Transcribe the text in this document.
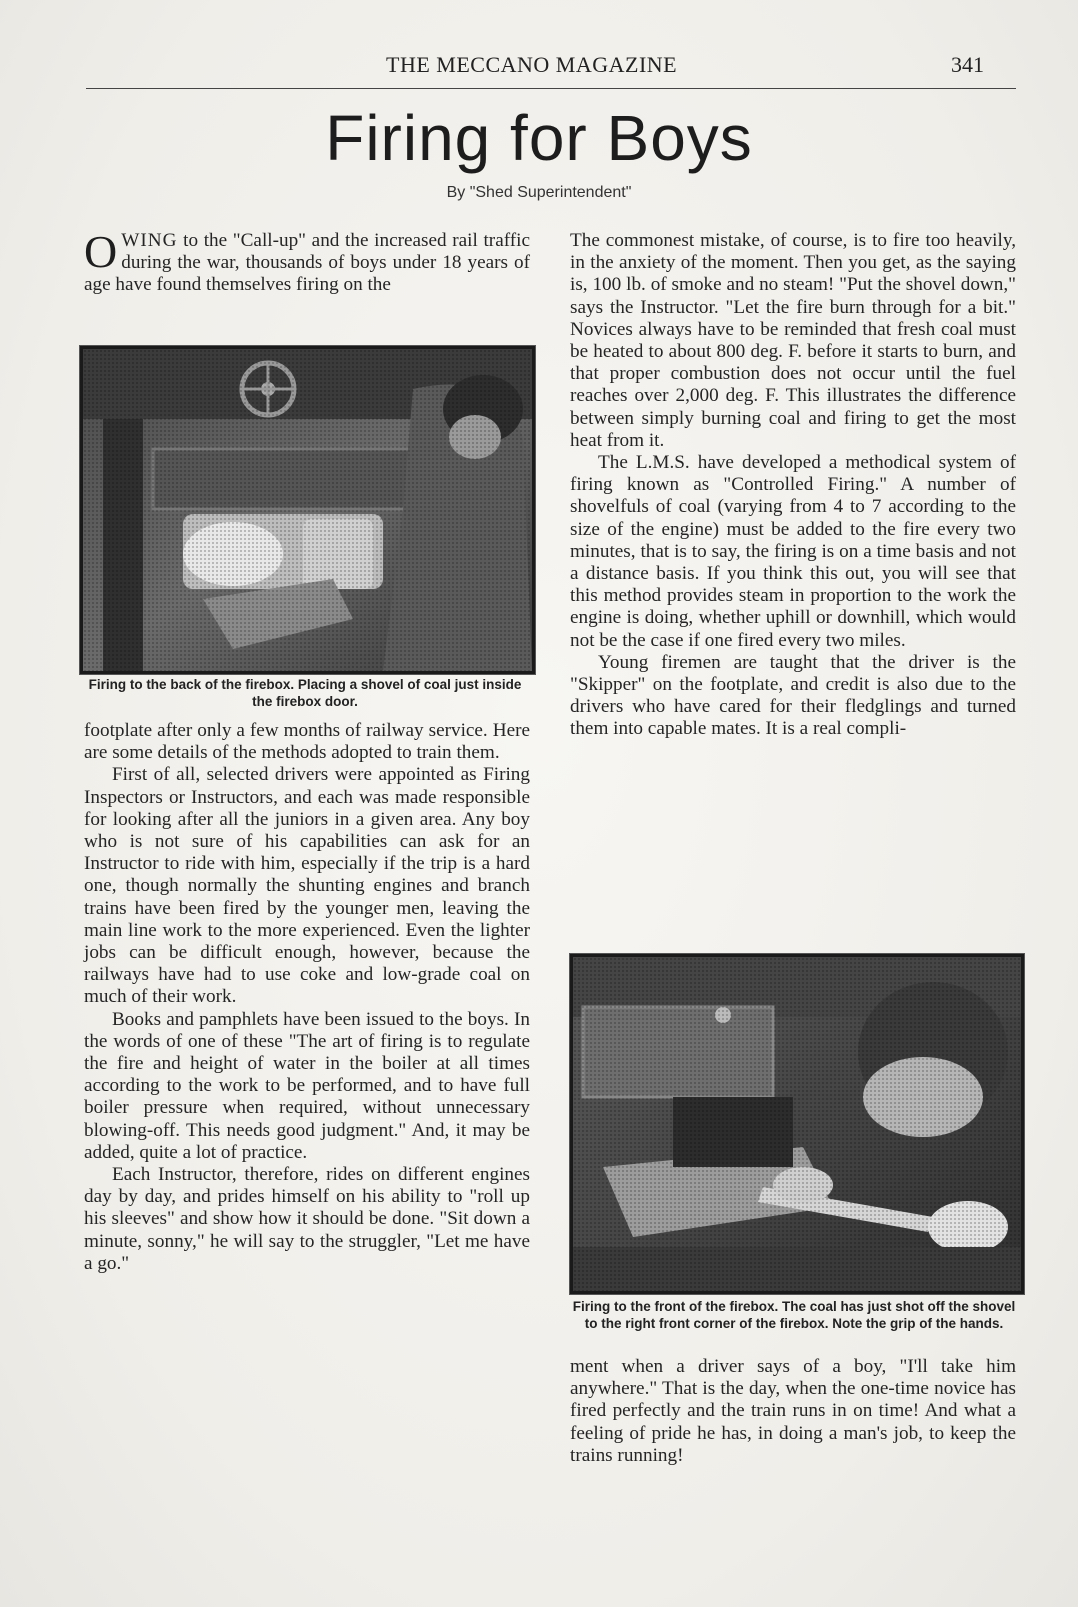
THE MECCANO MAGAZINE	341
Firing for Boys
By "Shed Superintendent"

OWING to the "Call-up" and the increased rail traffic during the war, thousands of boys under 18 years of age have found themselves firing on the

Firing to the back of the firebox. Placing a shovel of coal just inside the firebox door.

footplate after only a few months of railway service. Here are some details of the methods adopted to train them.

First of all, selected drivers were appointed as Firing Inspectors or Instructors, and each was made responsible for looking after all the juniors in a given area. Any boy who is not sure of his capabilities can ask for an Instructor to ride with him, especially if the trip is a hard one, though normally the shunting engines and branch trains have been fired by the younger men, leaving the main line work to the more experienced. Even the lighter jobs can be difficult enough, however, because the railways have had to use coke and low-grade coal on much of their work.

Books and pamphlets have been issued to the boys. In the words of one of these "The art of firing is to regulate the fire and height of water in the boiler at all times according to the work to be performed, and to have full boiler pressure when required, without unnecessary blowing-off. This needs good judgment." And, it may be added, quite a lot of practice.

Each Instructor, therefore, rides on different engines day by day, and prides himself on his ability to "roll up his sleeves" and show how it should be done. "Sit down a minute, sonny," he will say to the struggler, "Let me have a go."

The commonest mistake, of course, is to fire too heavily, in the anxiety of the moment. Then you get, as the saying is, 100 lb. of smoke and no steam! "Put the shovel down," says the Instructor. "Let the fire burn through for a bit." Novices always have to be reminded that fresh coal must be heated to about 800 deg. F. before it starts to burn, and that proper combustion does not occur until the fuel reaches over 2,000 deg. F. This illustrates the difference between simply burning coal and firing to get the most heat from it.

The L.M.S. have developed a methodical system of firing known as "Controlled Firing." A number of shovelfuls of coal (varying from 4 to 7 according to the size of the engine) must be added to the fire every two minutes, that is to say, the firing is on a time basis and not a distance basis. If you think this out, you will see that this method provides steam in proportion to the work the engine is doing, whether uphill or downhill, which would not be the case if one fired every two miles.

Young firemen are taught that the driver is the "Skipper" on the footplate, and credit is also due to the drivers who have cared for their fledglings and turned them into capable mates. It is a real compli-

Firing to the front of the firebox. The coal has just shot off the shovel to the right front corner of the firebox. Note the grip of the hands.

ment when a driver says of a boy, "I'll take him anywhere." That is the day, when the one-time novice has fired perfectly and the train runs in on time! And what a feeling of pride he has, in doing a man's job, to keep the trains running!
